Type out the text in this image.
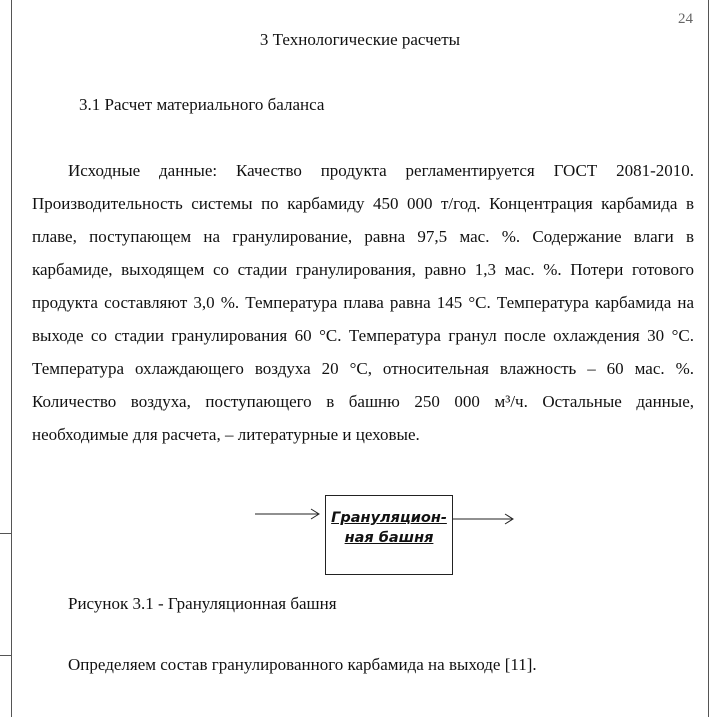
24
3 Технологические расчеты
3.1 Расчет материального баланса

Исходные данные: Качество продукта регламентируется ГОСТ 2081-2010. Производительность системы по карбамиду 450 000 т/год. Концентрация карбамида в плаве, поступающем на гранулирование, равна 97,5 мас. %. Содержание влаги в карбамиде, выходящем со стадии гранулирования, равно 1,3 мас. %. Потери готового продукта составляют 3,0 %. Температура плава равна 145 °С. Температура карбамида на выходе со стадии гранулирования 60 °С. Температура гранул после охлаждения 30 °С. Температура охлаждающего воздуха 20 °С, относительная влажность – 60 мас. %. Количество воздуха, поступающего в башню 250 000 м³/ч. Остальные данные, необходимые для расчета, – литературные и цеховые.

Грануляцион-
ная башня
Рисунок 3.1 - Грануляционная башня
Определяем состав гранулированного карбамида на выходе [11].
